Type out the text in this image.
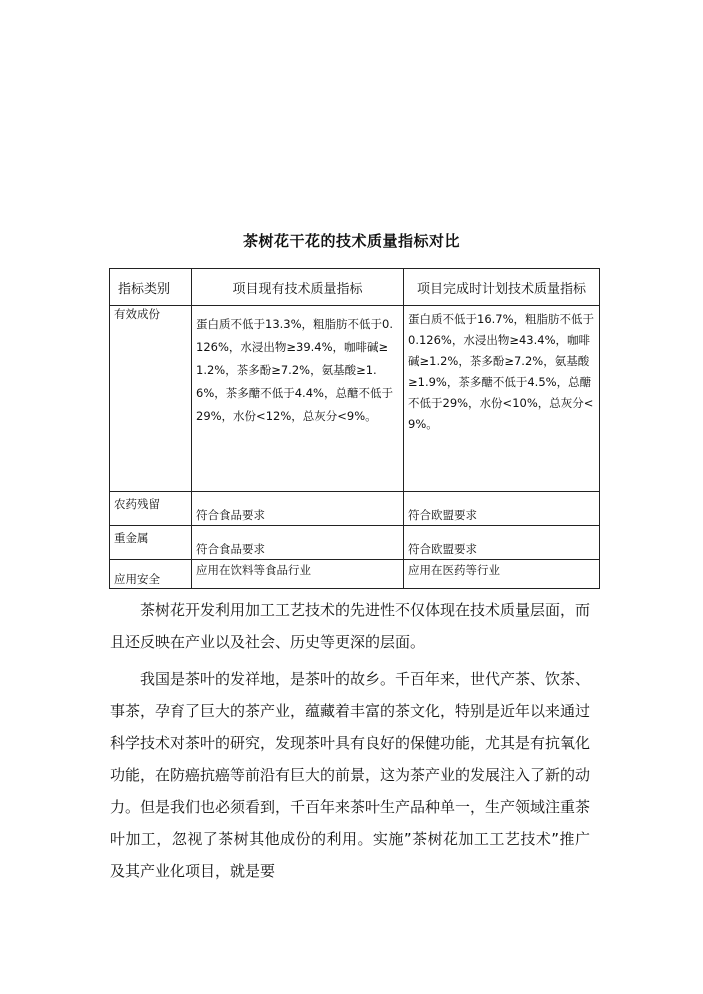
茶树花干花的技术质量指标对比
指标类别	项目现有技术质量指标	项目完成时计划技术质量指标
有效成份	蛋白质不低于13.3%，粗脂肪不低于0.126%，水浸出物≥39.4%，咖啡碱≥1.2%，茶多酚≥7.2%，氨基酸≥1.6%，茶多醣不低于4.4%，总醣不低于29%，水份<12%，总灰分<9%。	蛋白质不低于16.7%，粗脂肪不低于0.126%，水浸出物≥43.4%，咖啡碱≥1.2%，茶多酚≥7.2%，氨基酸≥1.9%，茶多醣不低于4.5%，总醣不低于29%，水份<10%，总灰分<9%。
农药残留	符合食品要求	符合欧盟要求
重金属	符合食品要求	符合欧盟要求
应用安全	应用在饮料等食品行业	应用在医药等行业

茶树花开发利用加工工艺技术的先进性不仅体现在技术质量层面，而且还反映在产业以及社会、历史等更深的层面。

我国是茶叶的发祥地，是茶叶的故乡。千百年来，世代产茶、饮茶、事茶，孕育了巨大的茶产业，蕴藏着丰富的茶文化，特别是近年以来通过科学技术对茶叶的研究，发现茶叶具有良好的保健功能，尤其是有抗氧化功能，在防癌抗癌等前沿有巨大的前景，这为茶产业的发展注入了新的动力。但是我们也必须看到，千百年来茶叶生产品种单一，生产领域注重茶叶加工，忽视了茶树其他成份的利用。实施”茶树花加工工艺技术”推广及其产业化项目，就是要
